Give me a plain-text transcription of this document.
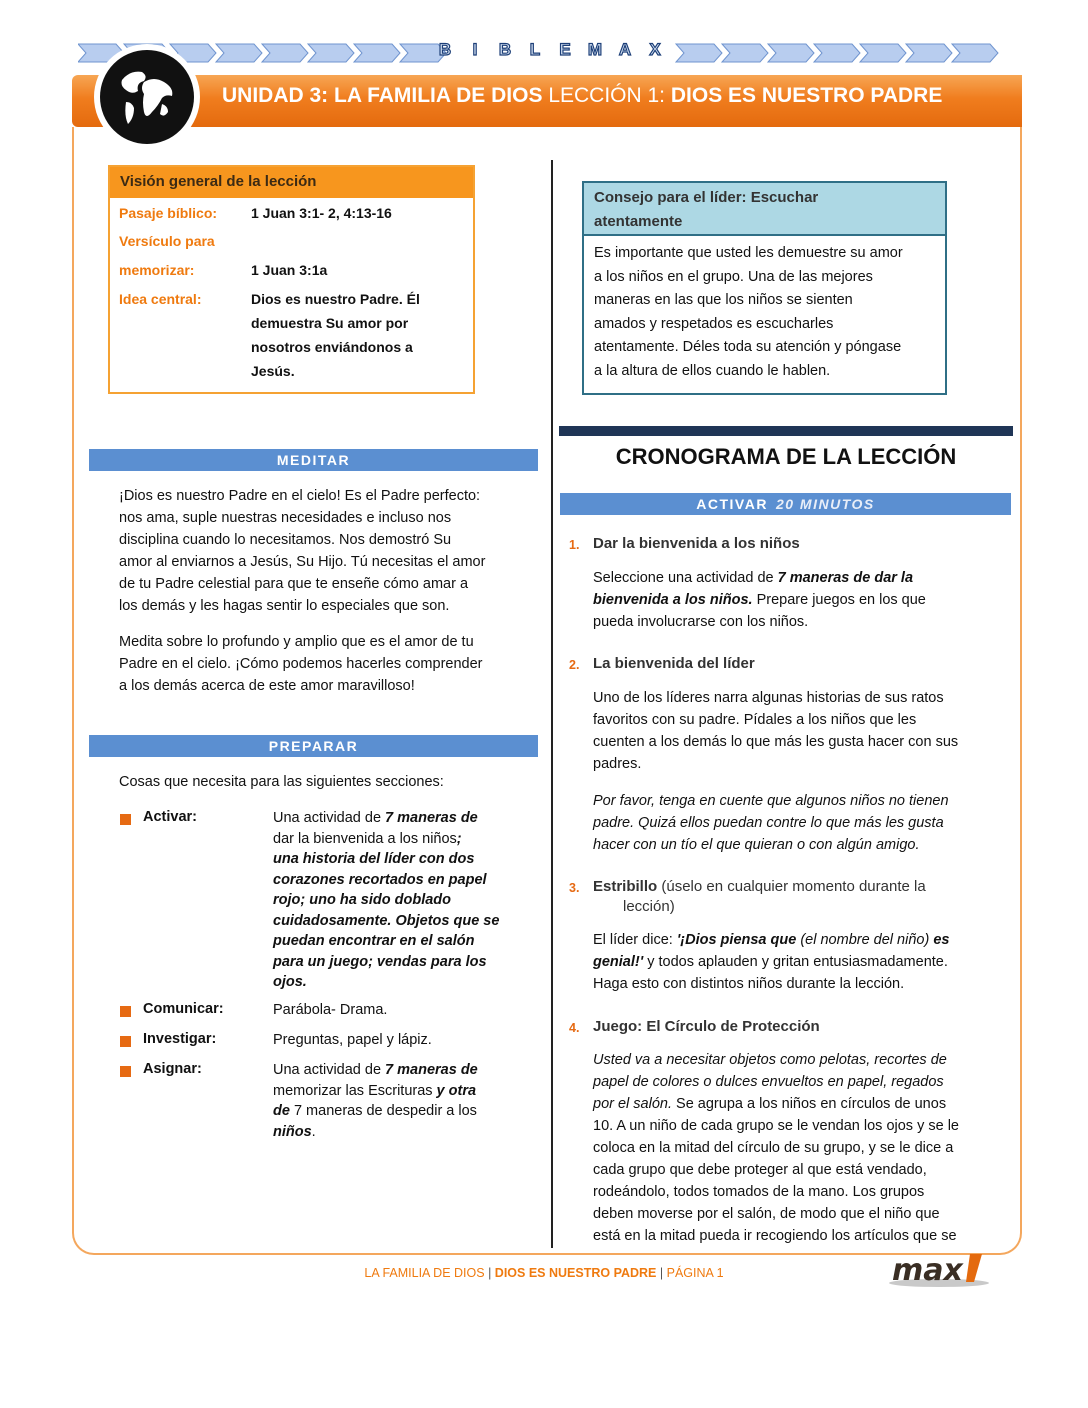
B I B L E M A X
UNIDAD 3: LA FAMILIA DE DIOS LECCIÓN 1: DIOS ES NUESTRO PADRE
Visión general de la lección
Pasaje bíblico: 1 Juan 3:1- 2, 4:13-16
Versículo para
memorizar:	1 Juan 3:1a
Idea central:	Dios es nuestro Padre. Él
demuestra Su amor por
nosotros enviándonos a
Jesús.
MEDITAR
¡Dios es nuestro Padre en el cielo! Es el Padre perfecto:
nos ama, suple nuestras necesidades e incluso nos
disciplina cuando lo necesitamos. Nos demostró Su
amor al enviarnos a Jesús, Su Hijo. Tú necesitas el amor
de tu Padre celestial para que te enseñe cómo amar a
los demás y les hagas sentir lo especiales que son.
Medita sobre lo profundo y amplio que es el amor de tu
Padre en el cielo. ¡Cómo podemos hacerles comprender
a los demás acerca de este amor maravilloso!
PREPARAR
Cosas que necesita para las siguientes secciones:
Activar:	Una actividad de 7 maneras de
dar la bienvenida a los niños;
una historia del líder con dos
corazones recortados en papel
rojo; uno ha sido doblado
cuidadosamente. Objetos que se
puedan encontrar en el salón
para un juego; vendas para los
ojos.
Comunicar:	Parábola- Drama.
Investigar:	Preguntas, papel y lápiz.
Asignar:	Una actividad de 7 maneras de
memorizar las Escrituras y otra
de 7 maneras de despedir a los
niños.
Consejo para el líder: Escuchar
atentamente
Es importante que usted les demuestre su amor
a los niños en el grupo. Una de las mejores
maneras en las que los niños se sienten
amados y respetados es escucharles
atentamente. Déles toda su atención y póngase
a la altura de ellos cuando le hablen.
CRONOGRAMA DE LA LECCIÓN
ACTIVAR 20 MINUTOS
1. Dar la bienvenida a los niños
Seleccione una actividad de 7 maneras de dar la
bienvenida a los niños. Prepare juegos en los que
pueda involucrarse con los niños.
2. La bienvenida del líder
Uno de los líderes narra algunas historias de sus ratos
favoritos con su padre. Pídales a los niños que les
cuenten a los demás lo que más les gusta hacer con sus
padres.
Por favor, tenga en cuente que algunos niños no tienen
padre. Quizá ellos puedan contre lo que más les gusta
hacer con un tío el que quieran o con algún amigo.
3. Estribillo (úselo en cualquier momento durante la
lección)
El líder dice: '¡Dios piensa que (el nombre del niño) es
genial!' y todos aplauden y gritan entusiasmadamente.
Haga esto con distintos niños durante la lección.
4. Juego: El Círculo de Protección
Usted va a necesitar objetos como pelotas, recortes de
papel de colores o dulces envueltos en papel, regados
por el salón. Se agrupa a los niños en círculos de unos
10. A un niño de cada grupo se le vendan los ojos y se le
coloca en la mitad del círculo de su grupo, y se le dice a
cada grupo que debe proteger al que está vendado,
rodeándolo, todos tomados de la mano. Los grupos
deben moverse por el salón, de modo que el niño que
está en la mitad pueda ir recogiendo los artículos que se
LA FAMILIA DE DIOS | DIOS ES NUESTRO PADRE | PÁGINA 1	max
